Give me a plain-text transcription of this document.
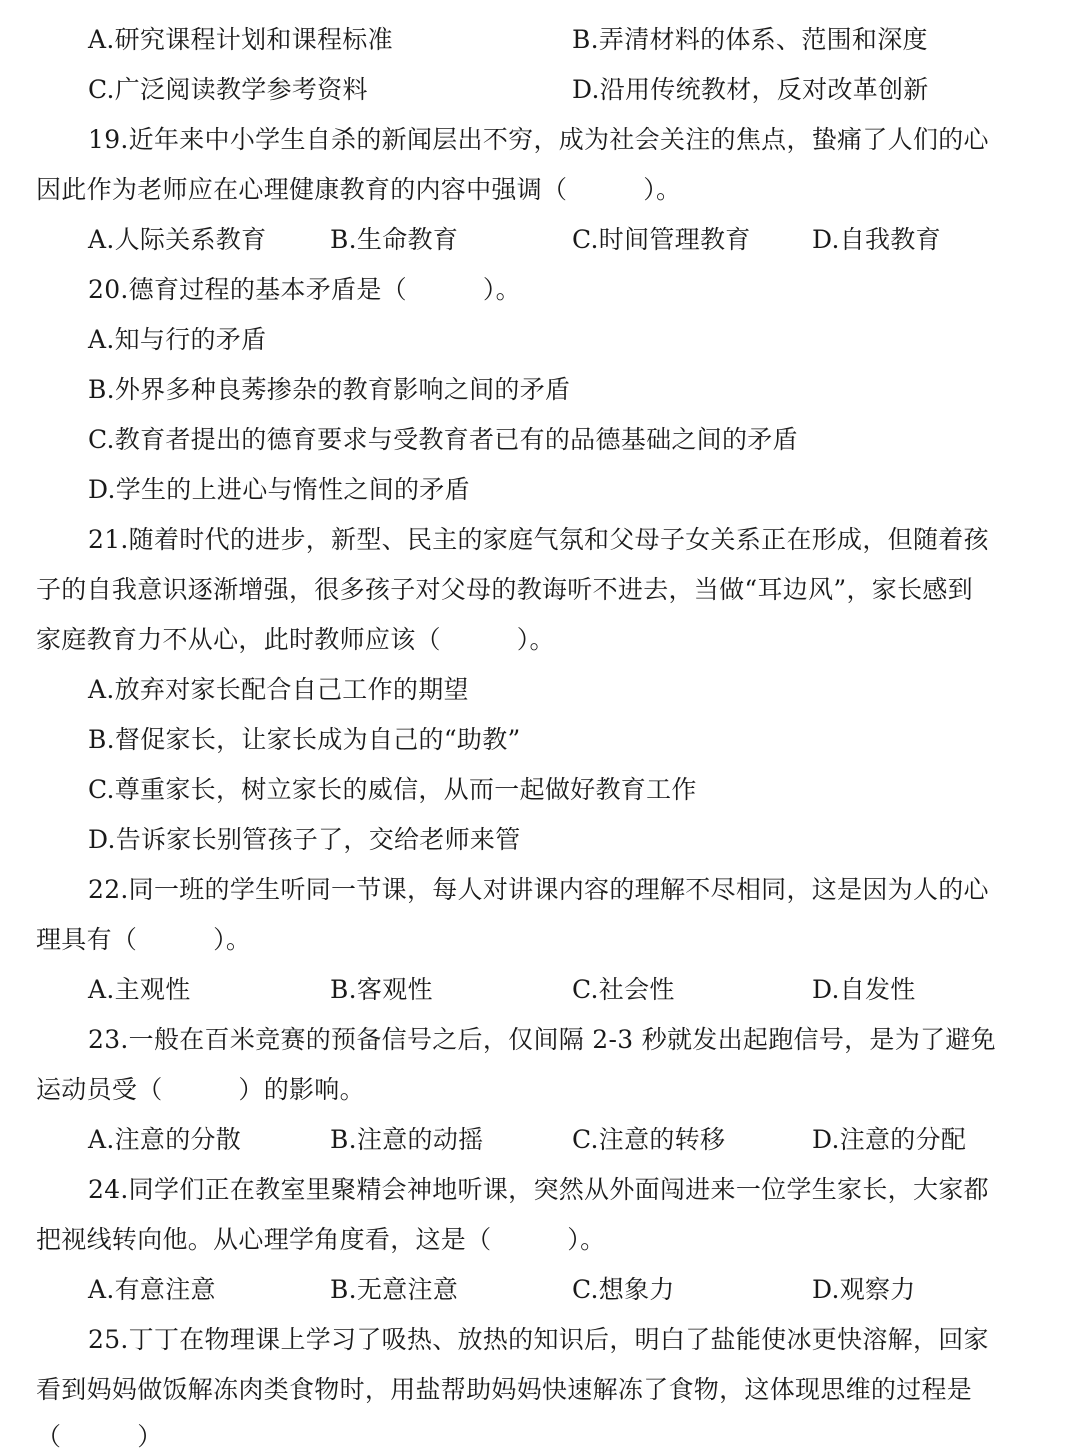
A.研究课程计划和课程标准	B.弄清材料的体系、范围和深度
C.广泛阅读教学参考资料	D.沿用传统教材，反对改革创新
19.近年来中小学生自杀的新闻层出不穷，成为社会关注的焦点，蛰痛了人们的心
因此作为老师应在心理健康教育的内容中强调（　　　）。
A.人际关系教育	B.生命教育	C.时间管理教育 D.自我教育
20.德育过程的基本矛盾是（　　　）。
A.知与行的矛盾
B.外界多种良莠掺杂的教育影响之间的矛盾
C.教育者提出的德育要求与受教育者已有的品德基础之间的矛盾
D.学生的上进心与惰性之间的矛盾
21.随着时代的进步，新型、民主的家庭气氛和父母子女关系正在形成，但随着孩
子的自我意识逐渐增强，很多孩子对父母的教诲听不进去，当做“耳边风”，家长感到
家庭教育力不从心，此时教师应该（　　　）。
A.放弃对家长配合自己工作的期望
B.督促家长，让家长成为自己的“助教”
C.尊重家长，树立家长的威信，从而一起做好教育工作
D.告诉家长别管孩子了，交给老师来管
22.同一班的学生听同一节课，每人对讲课内容的理解不尽相同，这是因为人的心
理具有（　　　）。
A.主观性	B.客观性	C.社会性	D.自发性
23.一般在百米竞赛的预备信号之后，仅间隔 2-3 秒就发出起跑信号，是为了避免
运动员受（　　　）的影响。
A.注意的分散	B.注意的动摇	C.注意的转移	D.注意的分配
24.同学们正在教室里聚精会神地听课，突然从外面闯进来一位学生家长，大家都
把视线转向他。从心理学角度看，这是（　　　）。
A.有意注意	B.无意注意	C.想象力	D.观察力
25.丁丁在物理课上学习了吸热、放热的知识后，明白了盐能使冰更快溶解，回家
看到妈妈做饭解冻肉类食物时，用盐帮助妈妈快速解冻了食物，这体现思维的过程是
（　　　）
